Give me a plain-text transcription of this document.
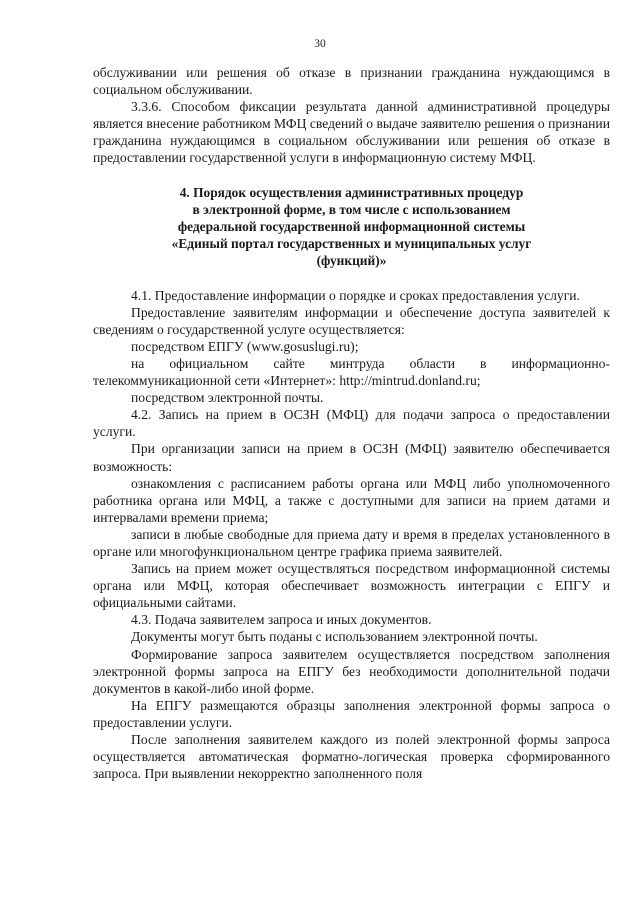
30

обслуживании или решения об отказе в признании гражданина нуждающимся в социальном обслуживании.

3.3.6. Способом фиксации результата данной административной процедуры является внесение работником МФЦ сведений о выдаче заявителю решения о признании гражданина нуждающимся в социальном обслуживании или решения об отказе в предоставлении государственной услуги в информационную систему МФЦ.

4. Порядок осуществления административных процедур
в электронной форме, в том числе с использованием
федеральной государственной информационной системы
«Единый портал государственных и муниципальных услуг
(функций)»

4.1. Предоставление информации о порядке и сроках предоставления услуги.

Предоставление заявителям информации и обеспечение доступа заявителей к сведениям о государственной услуге осуществляется:

посредством ЕПГУ (www.gosuslugi.ru);

на официальном сайте минтруда области в информационно-телекоммуникационной сети «Интернет»: http://mintrud.donland.ru;

посредством электронной почты.

4.2. Запись на прием в ОСЗН (МФЦ) для подачи запроса о предоставлении услуги.

При организации записи на прием в ОСЗН (МФЦ) заявителю обеспечивается возможность:

ознакомления с расписанием работы органа или МФЦ либо уполномоченного работника органа или МФЦ, а также с доступными для записи на прием датами и интервалами времени приема;

записи в любые свободные для приема дату и время в пределах установленного в органе или многофункциональном центре графика приема заявителей.

Запись на прием может осуществляться посредством информационной системы органа или МФЦ, которая обеспечивает возможность интеграции с ЕПГУ и официальными сайтами.

4.3. Подача заявителем запроса и иных документов.

Документы могут быть поданы с использованием электронной почты.

Формирование запроса заявителем осуществляется посредством заполнения электронной формы запроса на ЕПГУ без необходимости дополнительной подачи документов в какой-либо иной форме.

На ЕПГУ размещаются образцы заполнения электронной формы запроса о предоставлении услуги.

После заполнения заявителем каждого из полей электронной формы запроса осуществляется автоматическая форматно-логическая проверка сформированного запроса. При выявлении некорректно заполненного поля
